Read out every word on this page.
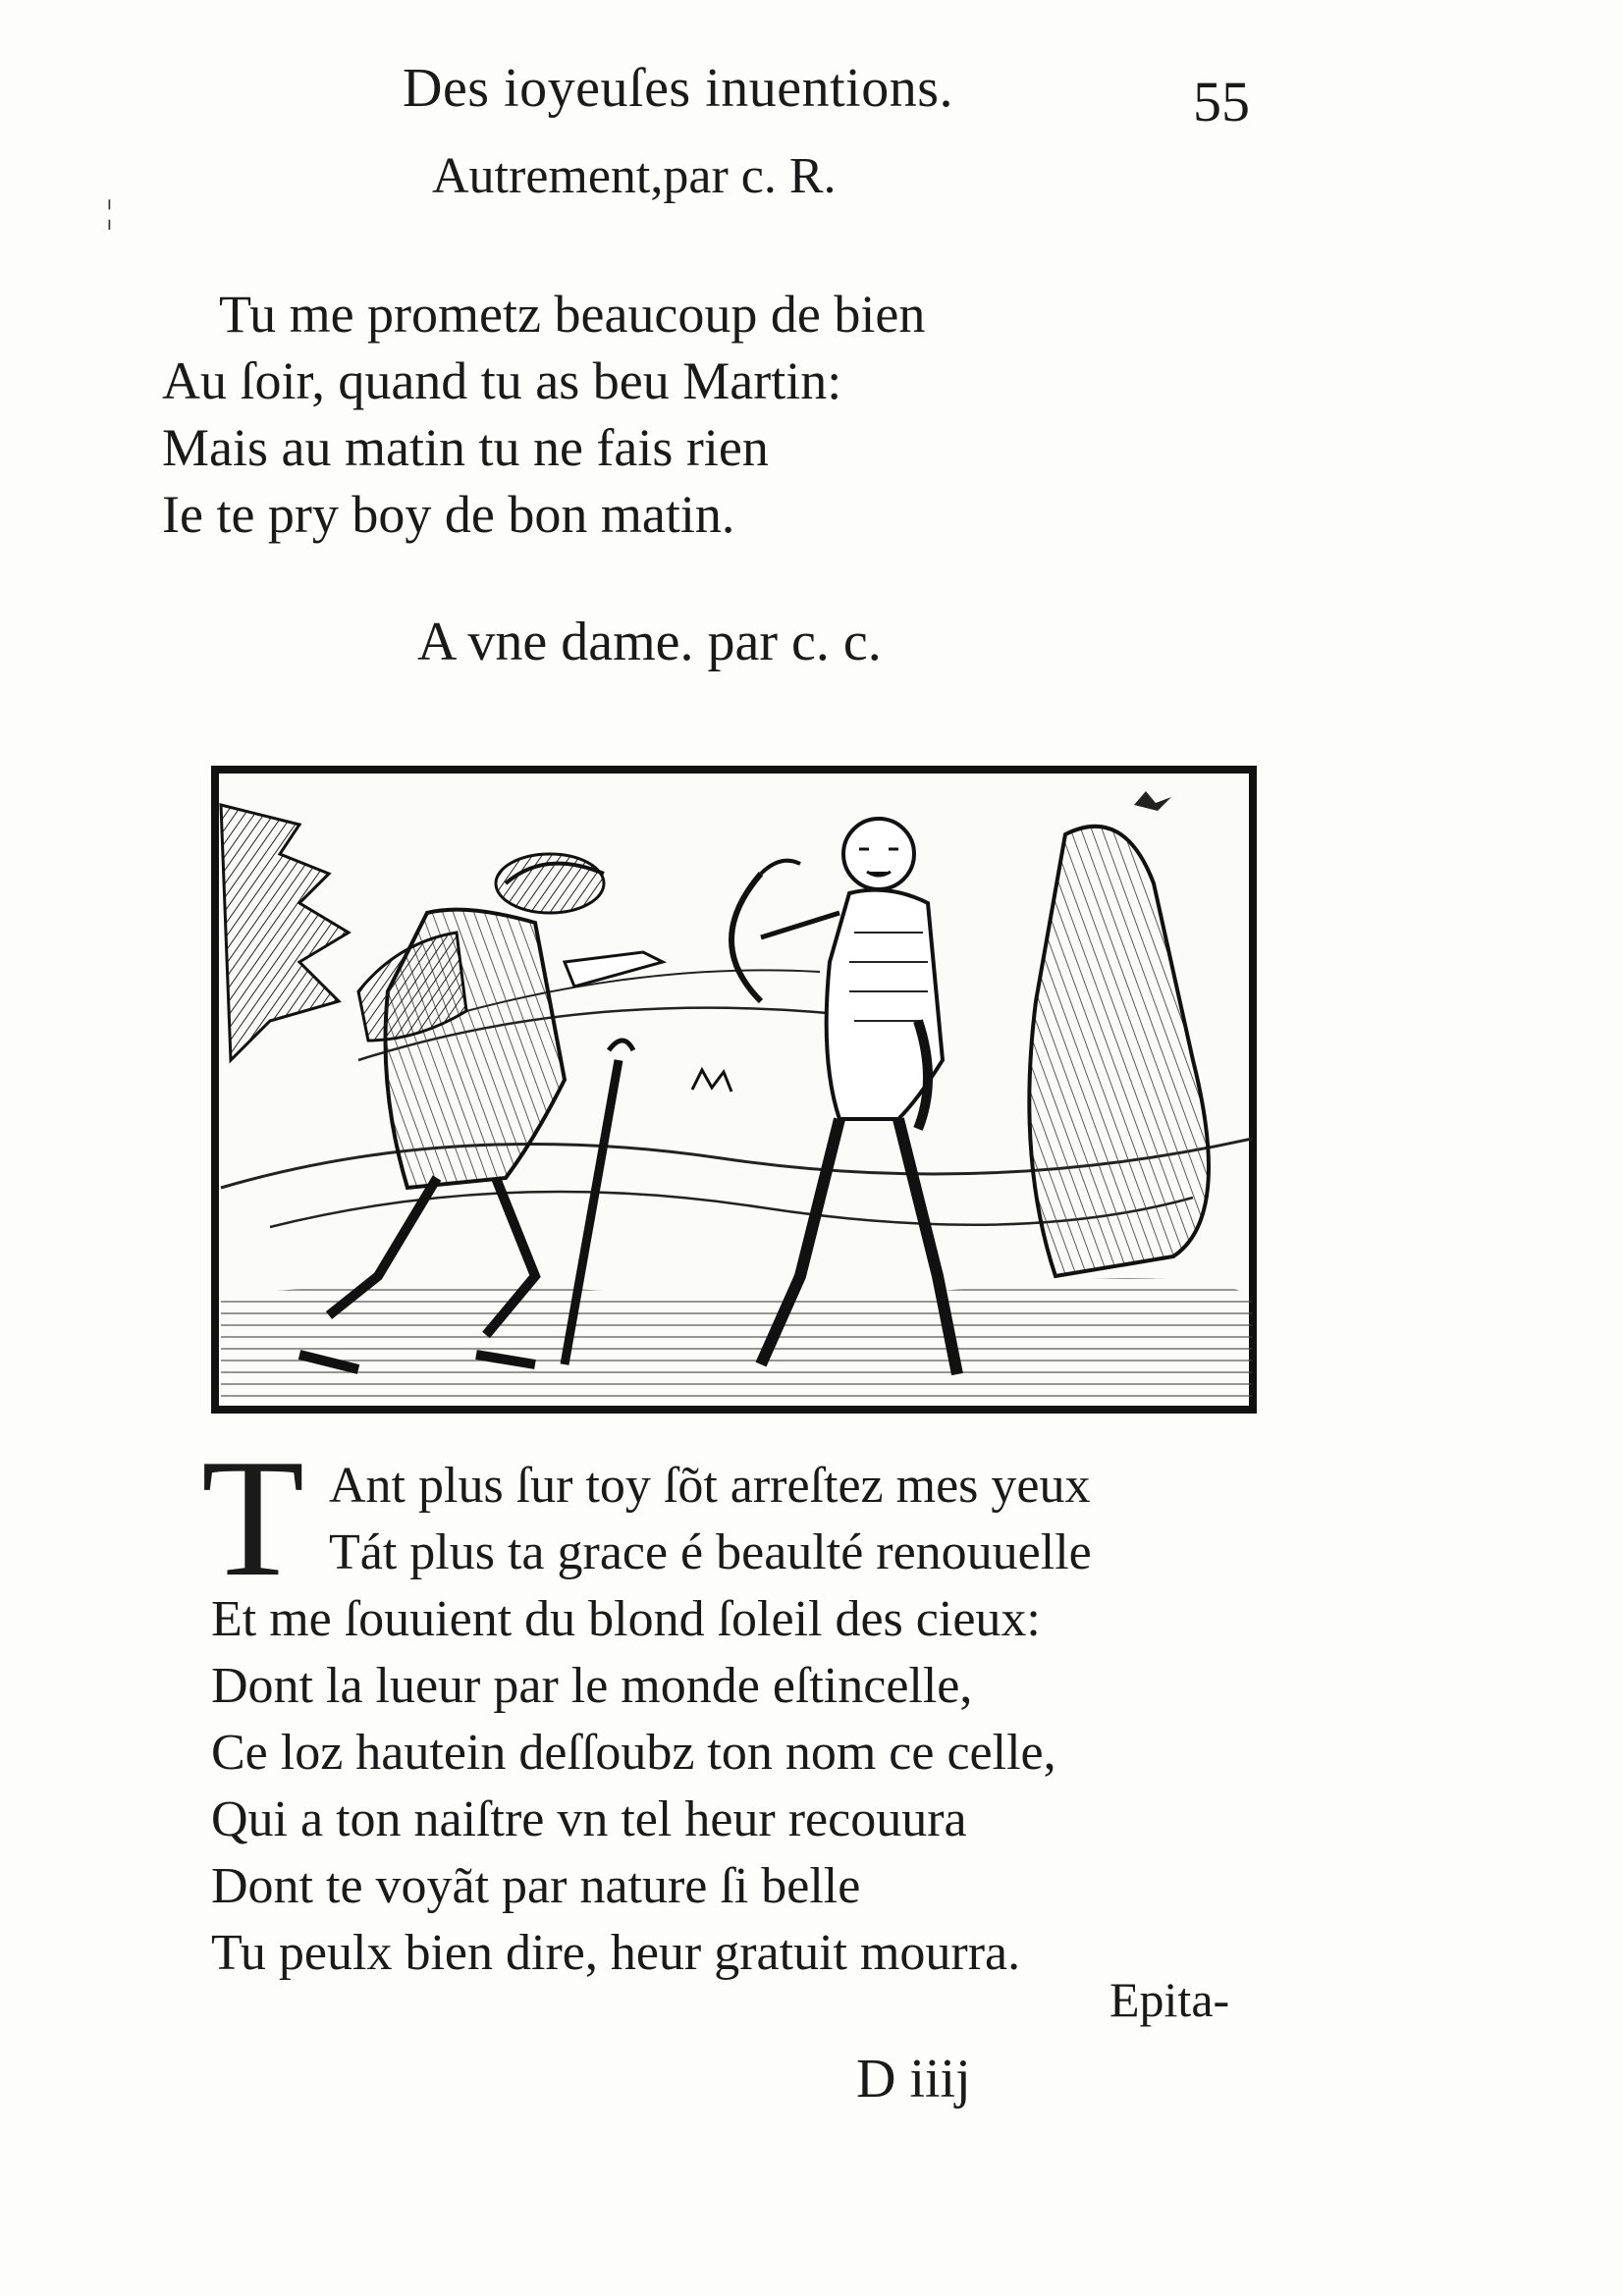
¦
Des ioyeuſes inuentions.	55
Autrement,par c. R.
Tu me prometz beaucoup de bien
Au ſoir, quand tu as beu Martin:
Mais au matin tu ne fais rien
Ie te pry boy de bon matin.
A vne dame. par c. c.
T Ant plus ſur toy ſõt arreſtez mes yeux
Tát plus ta grace é beaulté renouuelle
Et me ſouuient du blond ſoleil des cieux:
Dont la lueur par le monde eſtincelle,
Ce loz hautein deſſoubz ton nom ce celle,
Qui a ton naiſtre vn tel heur recouura
Dont te voyãt par nature ſi belle
Tu peulx bien dire, heur gratuit mourra.
Epita-
D iiij
